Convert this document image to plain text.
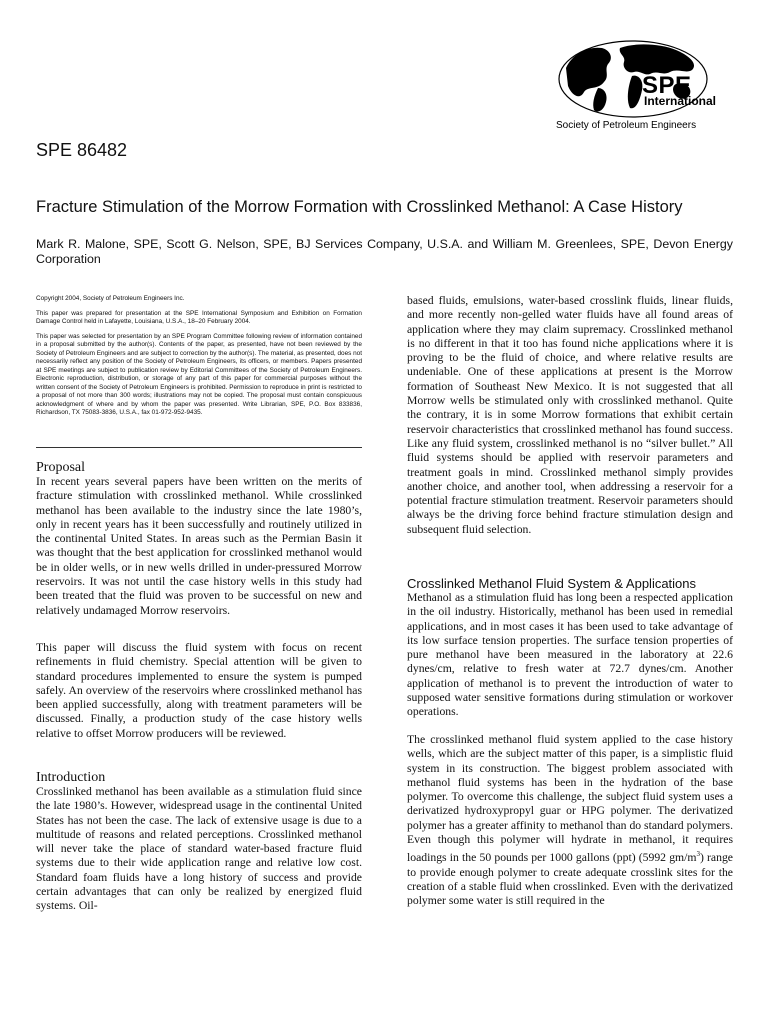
SPE
International
Society of Petroleum Engineers
SPE 86482
Fracture Stimulation of the Morrow Formation with Crosslinked Methanol: A Case History

Mark R. Malone, SPE, Scott G. Nelson, SPE, BJ Services Company, U.S.A. and William M. Greenlees, SPE, Devon Energy Corporation

Copyright 2004, Society of Petroleum Engineers Inc.

This paper was prepared for presentation at the SPE International Symposium and Exhibition on Formation Damage Control held in Lafayette, Louisiana, U.S.A., 18–20 February 2004.

This paper was selected for presentation by an SPE Program Committee following review of information contained in a proposal submitted by the author(s). Contents of the paper, as presented, have not been reviewed by the Society of Petroleum Engineers and are subject to correction by the author(s). The material, as presented, does not necessarily reflect any position of the Society of Petroleum Engineers, its officers, or members. Papers presented at SPE meetings are subject to publication review by Editorial Committees of the Society of Petroleum Engineers. Electronic reproduction, distribution, or storage of any part of this paper for commercial purposes without the written consent of the Society of Petroleum Engineers is prohibited. Permission to reproduce in print is restricted to a proposal of not more than 300 words; illustrations may not be copied. The proposal must contain conspicuous acknowledgment of where and by whom the paper was presented. Write Librarian, SPE, P.O. Box 833836, Richardson, TX 75083-3836, U.S.A., fax 01-972-952-9435.

Proposal

In recent years several papers have been written on the merits of fracture stimulation with crosslinked methanol. While crosslinked methanol has been available to the industry since the late 1980’s, only in recent years has it been successfully and routinely utilized in the continental United States. In areas such as the Permian Basin it was thought that the best application for crosslinked methanol would be in older wells, or in new wells drilled in under-pressured Morrow reservoirs. It was not until the case history wells in this study had been treated that the fluid was proven to be successful on new and relatively undamaged Morrow reservoirs.

This paper will discuss the fluid system with focus on recent refinements in fluid chemistry. Special attention will be given to standard procedures implemented to ensure the system is pumped safely. An overview of the reservoirs where crosslinked methanol has been applied successfully, along with treatment parameters will be discussed. Finally, a production study of the case history wells relative to offset Morrow producers will be reviewed.

Introduction

Crosslinked methanol has been available as a stimulation fluid since the late 1980’s. However, widespread usage in the continental United States has not been the case. The lack of extensive usage is due to a multitude of reasons and related perceptions. Crosslinked methanol will never take the place of standard water-based fracture fluid systems due to their wide application range and relative low cost. Standard foam fluids have a long history of success and provide certain advantages that can only be realized by energized fluid systems. Oil-

based fluids, emulsions, water-based crosslink fluids, linear fluids, and more recently non-gelled water fluids have all found areas of application where they may claim supremacy. Crosslinked methanol is no different in that it too has found niche applications where it is proving to be the fluid of choice, and where relative results are undeniable. One of these applications at present is the Morrow formation of Southeast New Mexico. It is not suggested that all Morrow wells be stimulated only with crosslinked methanol. Quite the contrary, it is in some Morrow formations that exhibit certain reservoir characteristics that crosslinked methanol has found success. Like any fluid system, crosslinked methanol is no “silver bullet.” All fluid systems should be applied with reservoir parameters and treatment goals in mind. Crosslinked methanol simply provides another choice, and another tool, when addressing a reservoir for a potential fracture stimulation treatment. Reservoir parameters should always be the driving force behind fracture stimulation design and subsequent fluid selection.

Crosslinked Methanol Fluid System & Applications

Methanol as a stimulation fluid has long been a respected application in the oil industry. Historically, methanol has been used in remedial applications, and in most cases it has been used to take advantage of its low surface tension properties. The surface tension properties of pure methanol have been measured in the laboratory at 22.6 dynes/cm, relative to fresh water at 72.7 dynes/cm. Another application of methanol is to prevent the introduction of water to supposed water sensitive formations during stimulation or workover operations.

The crosslinked methanol fluid system applied to the case history wells, which are the subject matter of this paper, is a simplistic fluid system in its construction. The biggest problem associated with methanol fluid systems has been in the hydration of the base polymer. To overcome this challenge, the subject fluid system uses a derivatized hydroxypropyl guar or HPG polymer. The derivatized polymer has a greater affinity to methanol than do standard polymers. Even though this polymer will hydrate in methanol, it requires loadings in the 50 pounds per 1000 gallons (ppt) (5992 $gm/m^3$) range to provide enough polymer to create adequate crosslink sites for the creation of a stable fluid when crosslinked. Even with the derivatized polymer some water is still required in the
